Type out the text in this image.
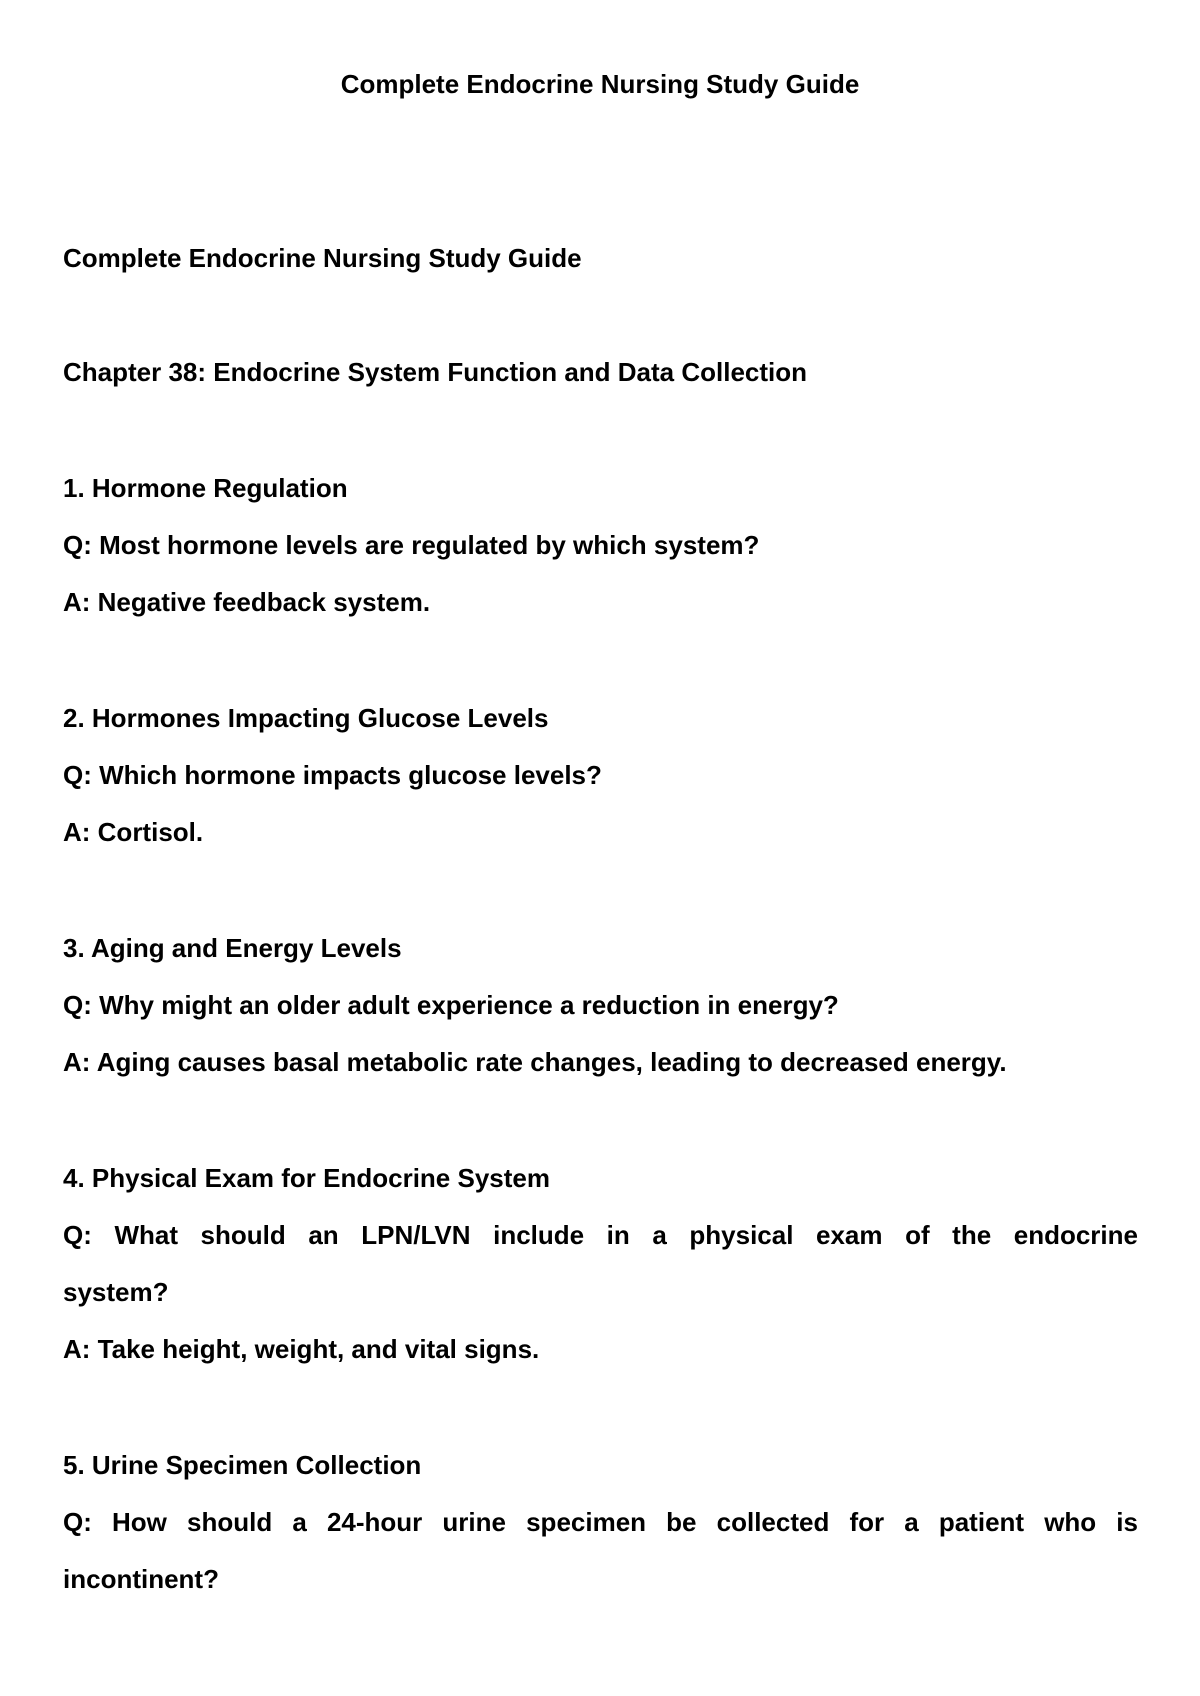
Complete Endocrine Nursing Study Guide

Complete Endocrine Nursing Study Guide

Chapter 38: Endocrine System Function and Data Collection

1. Hormone Regulation

Q: Most hormone levels are regulated by which system?

A: Negative feedback system.

2. Hormones Impacting Glucose Levels

Q: Which hormone impacts glucose levels?

A: Cortisol.

3. Aging and Energy Levels

Q: Why might an older adult experience a reduction in energy?

A: Aging causes basal metabolic rate changes, leading to decreased energy.

4. Physical Exam for Endocrine System

Q: What should an LPN/LVN include in a physical exam of the endocrine

system?

A: Take height, weight, and vital signs.

5. Urine Specimen Collection

Q: How should a 24-hour urine specimen be collected for a patient who is

incontinent?
